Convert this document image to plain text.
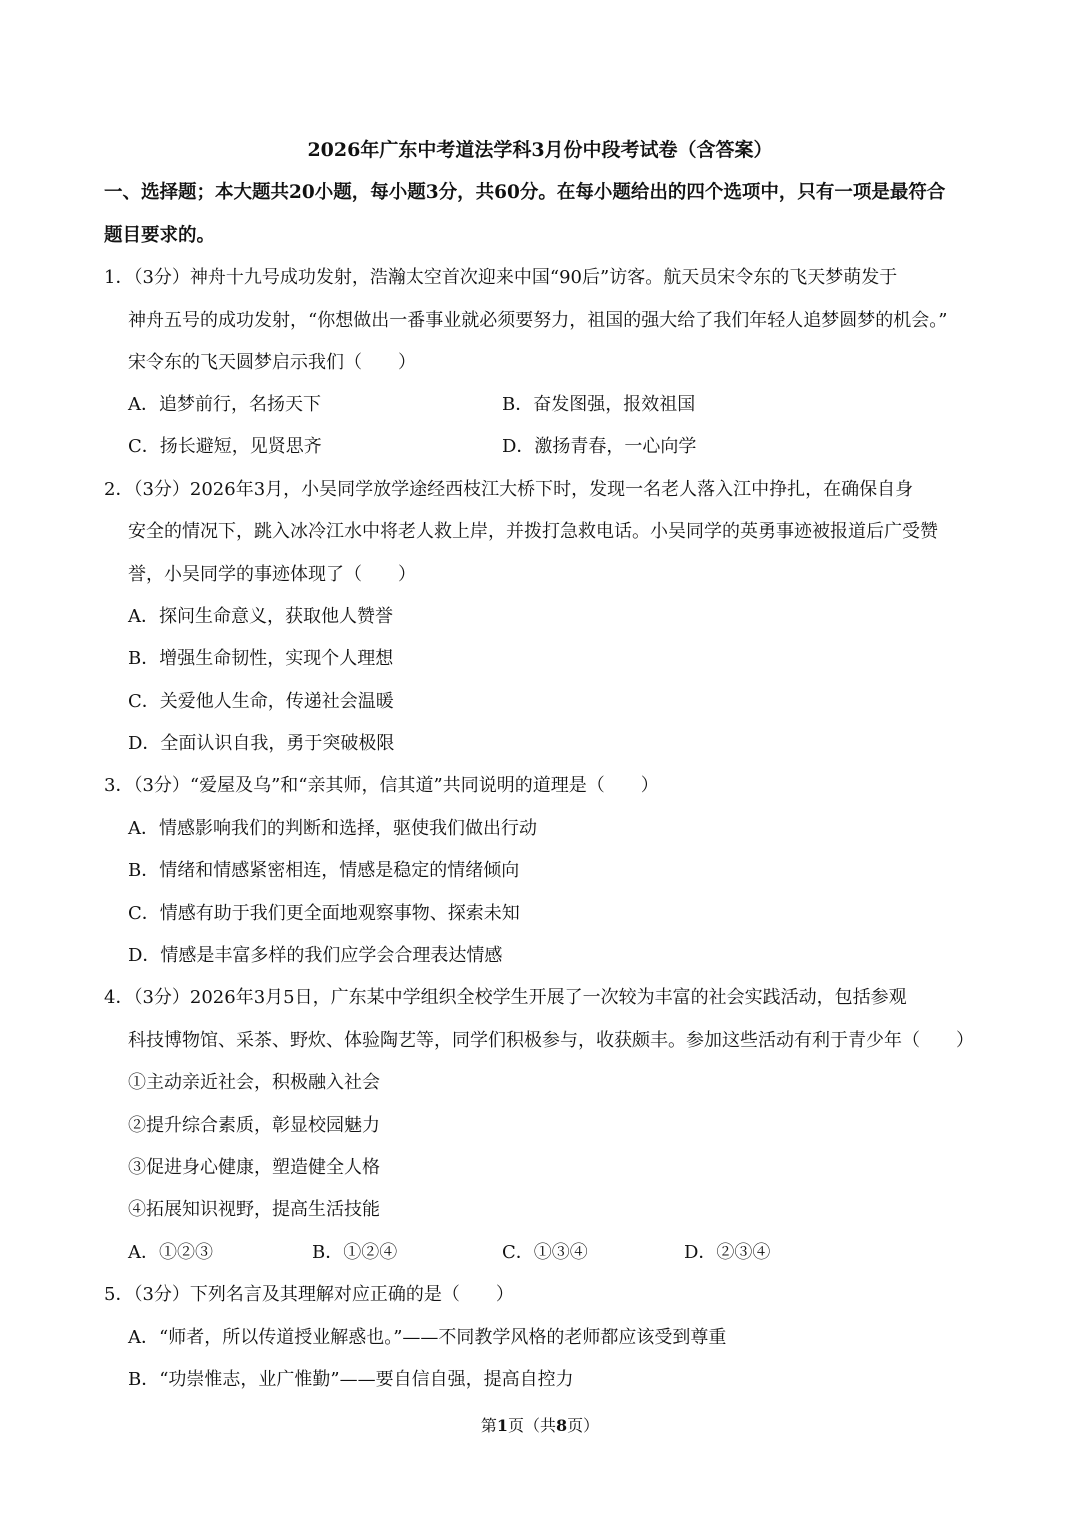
2026年广东中考道法学科3月份中段考试卷（含答案）
一、选择题；本大题共20小题，每小题3分，共60分。在每小题给出的四个选项中，只有一项是最符合
题目要求的。
1．（3分）神舟十九号成功发射，浩瀚太空首次迎来中国“90后”访客。航天员宋令东的飞天梦萌发于
神舟五号的成功发射，“你想做出一番事业就必须要努力，祖国的强大给了我们年轻人追梦圆梦的机会。”
宋令东的飞天圆梦启示我们（　　）
A．追梦前行，名扬天下	B．奋发图强，报效祖国
C．扬长避短，见贤思齐	D．激扬青春，一心向学
2．（3分）2026年3月，小吴同学放学途经西枝江大桥下时，发现一名老人落入江中挣扎，在确保自身
安全的情况下，跳入冰冷江水中将老人救上岸，并拨打急救电话。小吴同学的英勇事迹被报道后广受赞
誉，小吴同学的事迹体现了（　　）
A．探问生命意义，获取他人赞誉
B．增强生命韧性，实现个人理想
C．关爱他人生命，传递社会温暖
D．全面认识自我，勇于突破极限
3．（3分）“爱屋及乌”和“亲其师，信其道”共同说明的道理是（　　）
A．情感影响我们的判断和选择，驱使我们做出行动
B．情绪和情感紧密相连，情感是稳定的情绪倾向
C．情感有助于我们更全面地观察事物、探索未知
D．情感是丰富多样的我们应学会合理表达情感
4．（3分）2026年3月5日，广东某中学组织全校学生开展了一次较为丰富的社会实践活动，包括参观
科技博物馆、采茶、野炊、体验陶艺等，同学们积极参与，收获颇丰。参加这些活动有利于青少年（　　）
①主动亲近社会，积极融入社会
②提升综合素质，彰显校园魅力
③促进身心健康，塑造健全人格
④拓展知识视野，提高生活技能
A．①②③	B．①②④	C．①③④	D．②③④
5．（3分）下列名言及其理解对应正确的是（　　）
A．“师者，所以传道授业解惑也。”——不同教学风格的老师都应该受到尊重
B．“功崇惟志，业广惟勤”——要自信自强，提高自控力
第1页（共8页）
